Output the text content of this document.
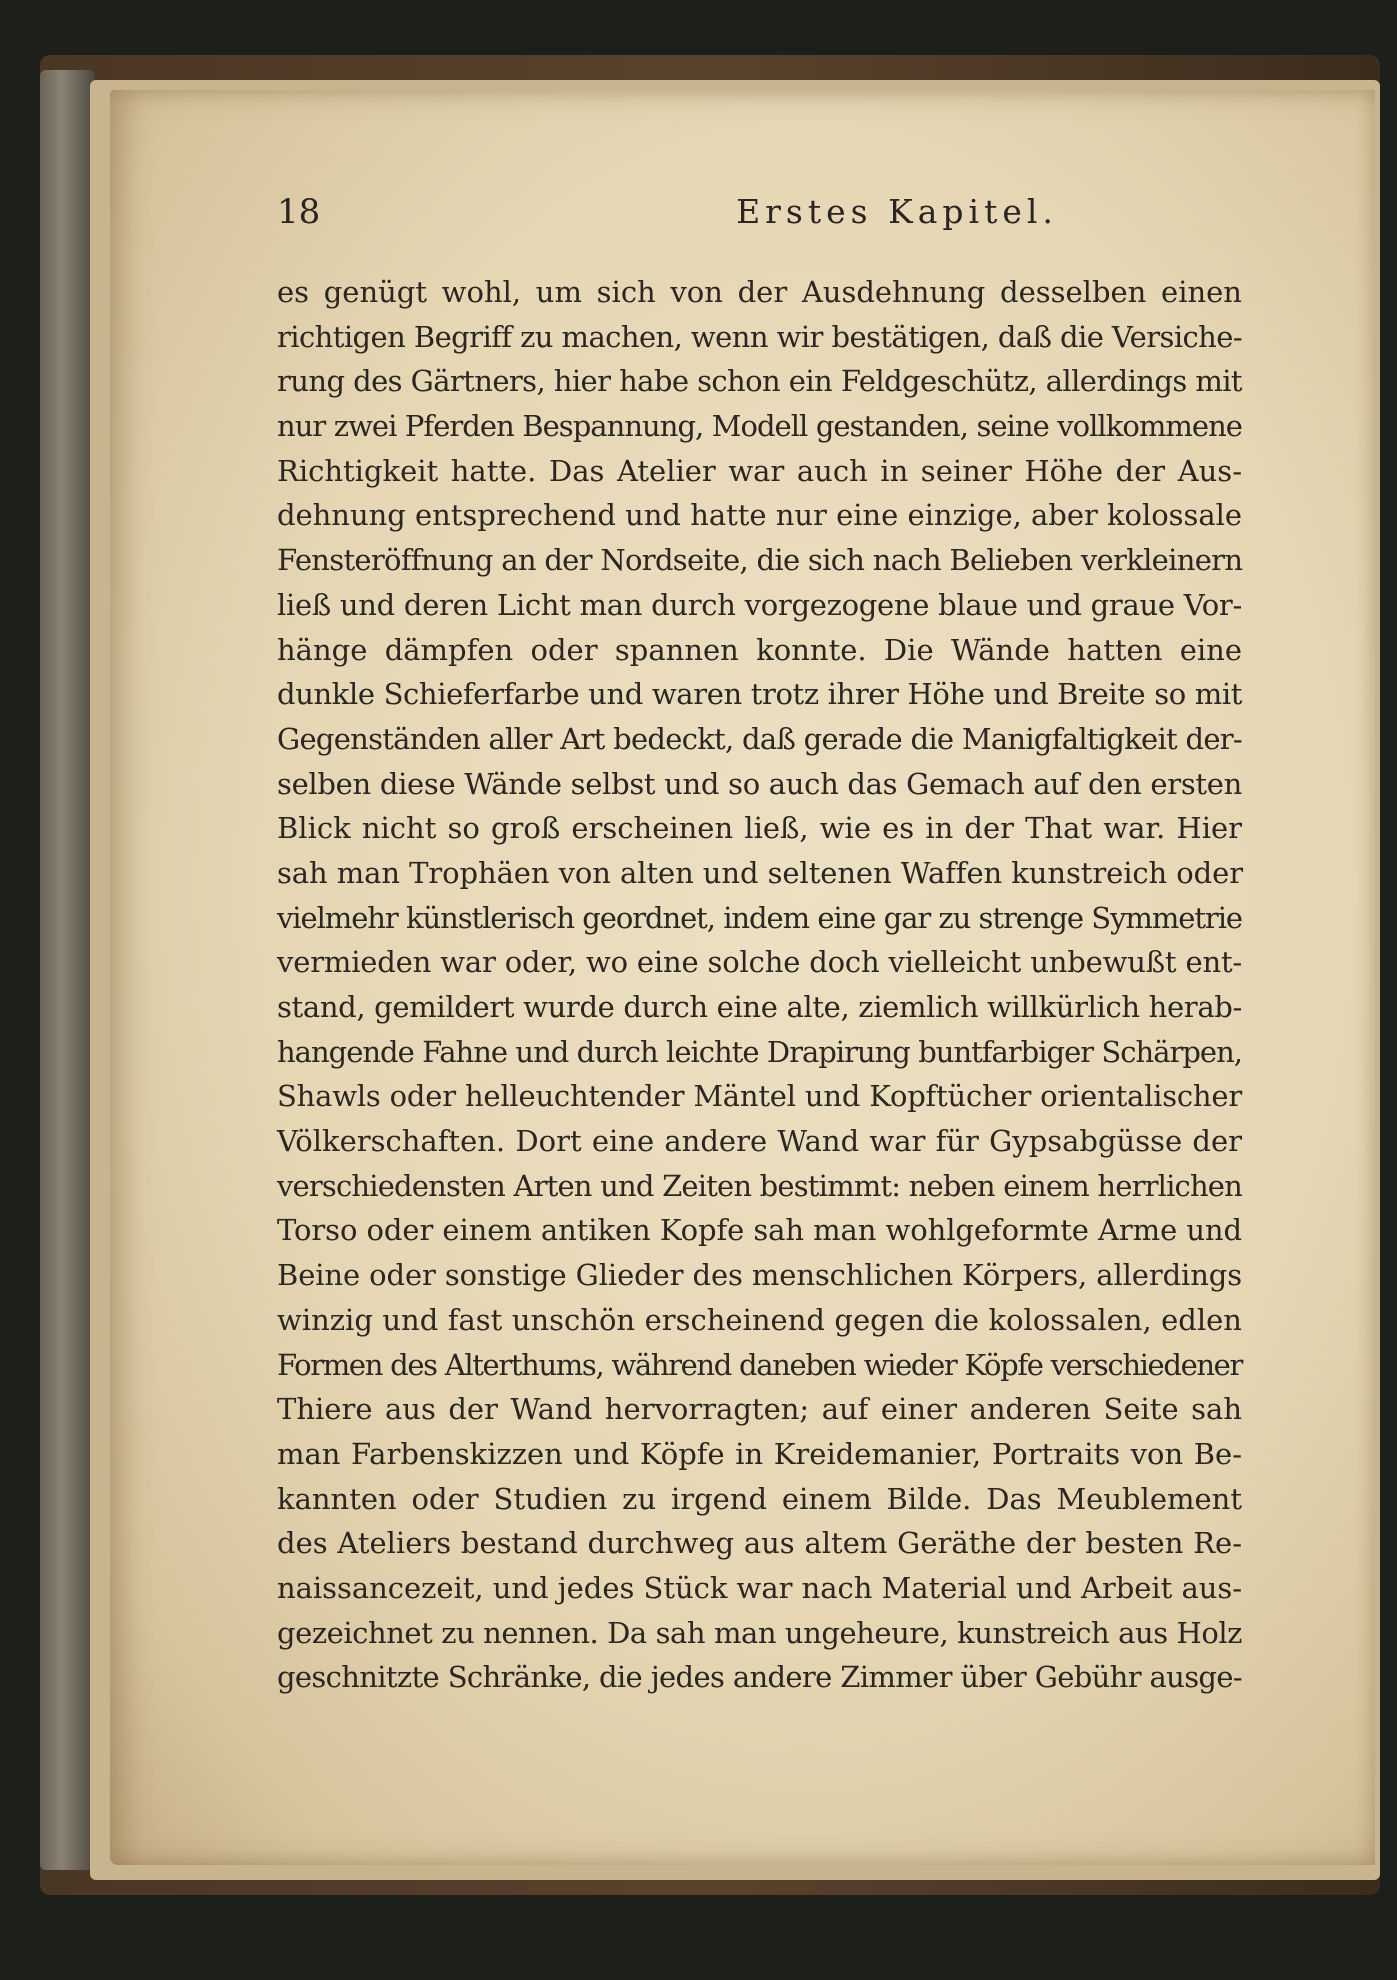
18	Erstes Kapitel.
es genügt wohl, um sich von der Ausdehnung desselben einen
richtigen Begriff zu machen, wenn wir bestätigen, daß die Versiche-
rung des Gärtners, hier habe schon ein Feldgeschütz, allerdings mit
nur zwei Pferden Bespannung, Modell gestanden, seine vollkommene
Richtigkeit hatte. Das Atelier war auch in seiner Höhe der Aus-
dehnung entsprechend und hatte nur eine einzige, aber kolossale
Fensteröffnung an der Nordseite, die sich nach Belieben verkleinern
ließ und deren Licht man durch vorgezogene blaue und graue Vor-
hänge dämpfen oder spannen konnte. Die Wände hatten eine
dunkle Schieferfarbe und waren trotz ihrer Höhe und Breite so mit
Gegenständen aller Art bedeckt, daß gerade die Manigfaltigkeit der-
selben diese Wände selbst und so auch das Gemach auf den ersten
Blick nicht so groß erscheinen ließ, wie es in der That war. Hier
sah man Trophäen von alten und seltenen Waffen kunstreich oder
vielmehr künstlerisch geordnet, indem eine gar zu strenge Symmetrie
vermieden war oder, wo eine solche doch vielleicht unbewußt ent-
stand, gemildert wurde durch eine alte, ziemlich willkürlich herab-
hangende Fahne und durch leichte Drapirung buntfarbiger Schärpen,
Shawls oder helleuchtender Mäntel und Kopftücher orientalischer
Völkerschaften. Dort eine andere Wand war für Gypsabgüsse der
verschiedensten Arten und Zeiten bestimmt: neben einem herrlichen
Torso oder einem antiken Kopfe sah man wohlgeformte Arme und
Beine oder sonstige Glieder des menschlichen Körpers, allerdings
winzig und fast unschön erscheinend gegen die kolossalen, edlen
Formen des Alterthums, während daneben wieder Köpfe verschiedener
Thiere aus der Wand hervorragten; auf einer anderen Seite sah
man Farbenskizzen und Köpfe in Kreidemanier, Portraits von Be-
kannten oder Studien zu irgend einem Bilde. Das Meublement
des Ateliers bestand durchweg aus altem Geräthe der besten Re-
naissancezeit, und jedes Stück war nach Material und Arbeit aus-
gezeichnet zu nennen. Da sah man ungeheure, kunstreich aus Holz
geschnitzte Schränke, die jedes andere Zimmer über Gebühr ausge-
